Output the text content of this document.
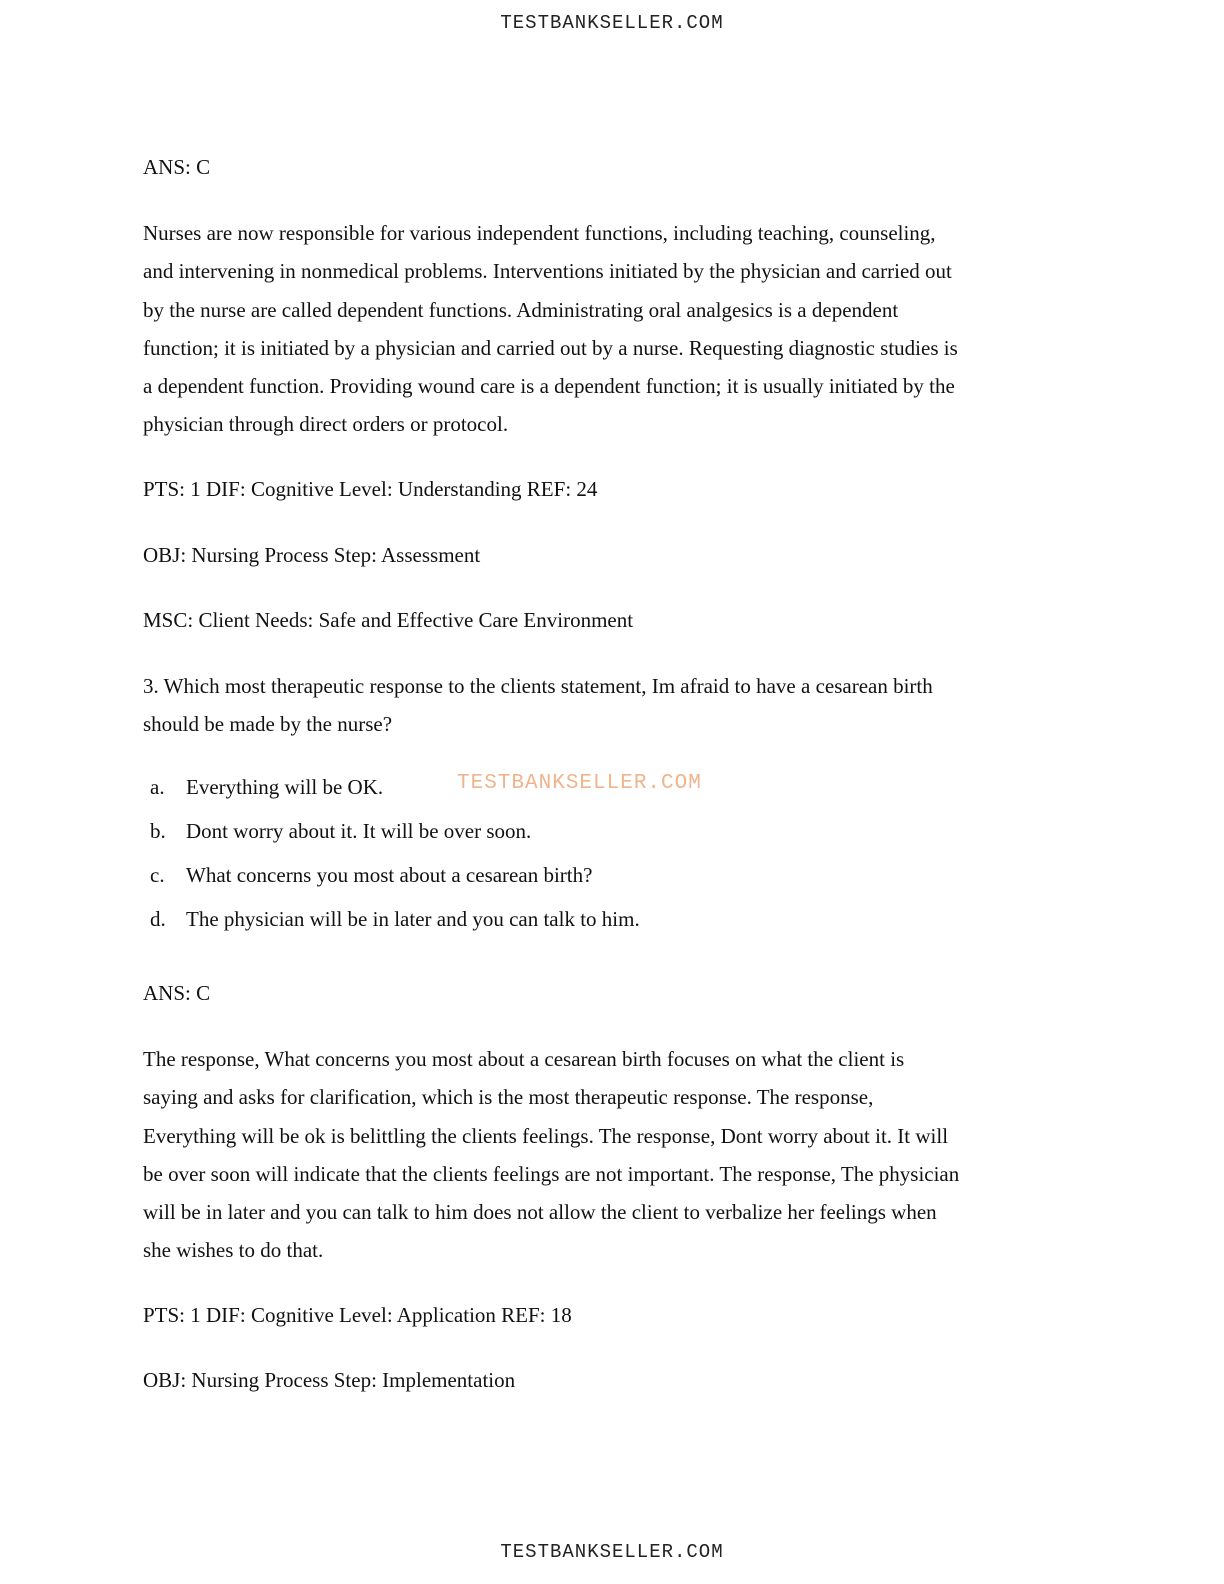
TESTBANKSELLER.COM
ANS: C
Nurses are now responsible for various independent functions, including teaching, counseling,
and intervening in nonmedical problems. Interventions initiated by the physician and carried out
by the nurse are called dependent functions. Administrating oral analgesics is a dependent
function; it is initiated by a physician and carried out by a nurse. Requesting diagnostic studies is
a dependent function. Providing wound care is a dependent function; it is usually initiated by the
physician through direct orders or protocol.
PTS: 1 DIF: Cognitive Level: Understanding REF: 24
OBJ: Nursing Process Step: Assessment
MSC: Client Needs: Safe and Effective Care Environment
3. Which most therapeutic response to the clients statement, Im afraid to have a cesarean birth
should be made by the nurse?
a. Everything will be OK.	TESTBANKSELLER.COM
b. Dont worry about it. It will be over soon.
c. What concerns you most about a cesarean birth?
d. The physician will be in later and you can talk to him.
ANS: C
The response, What concerns you most about a cesarean birth focuses on what the client is
saying and asks for clarification, which is the most therapeutic response. The response,
Everything will be ok is belittling the clients feelings. The response, Dont worry about it. It will
be over soon will indicate that the clients feelings are not important. The response, The physician
will be in later and you can talk to him does not allow the client to verbalize her feelings when
she wishes to do that.
PTS: 1 DIF: Cognitive Level: Application REF: 18
OBJ: Nursing Process Step: Implementation
TESTBANKSELLER.COM
